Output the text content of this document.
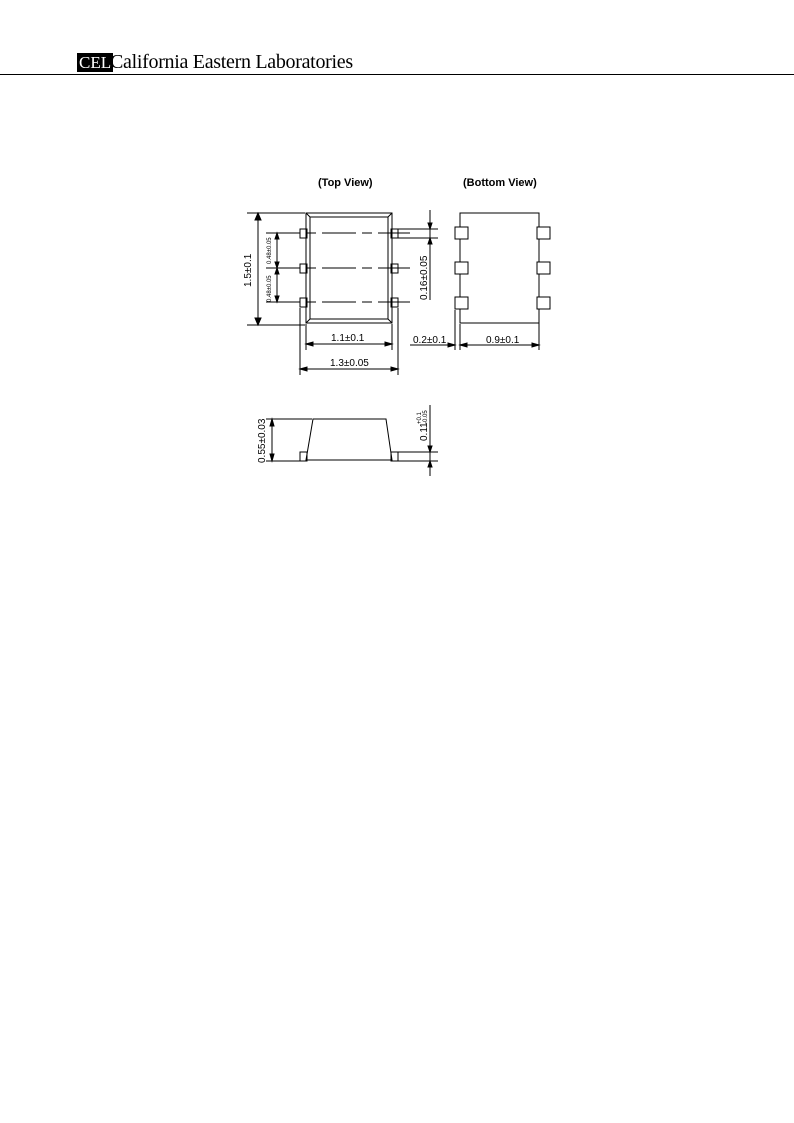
CEL
California Eastern Laboratories
(Top View)	(Bottom View)
1.5±0.1
0.48±0.05
0.48±0.05	0.16±0.05
1.1±0.1
1.3±0.05
0.2±0.1	0.9±0.1
0.55±0.03	0.11
+0.1 -0.05
